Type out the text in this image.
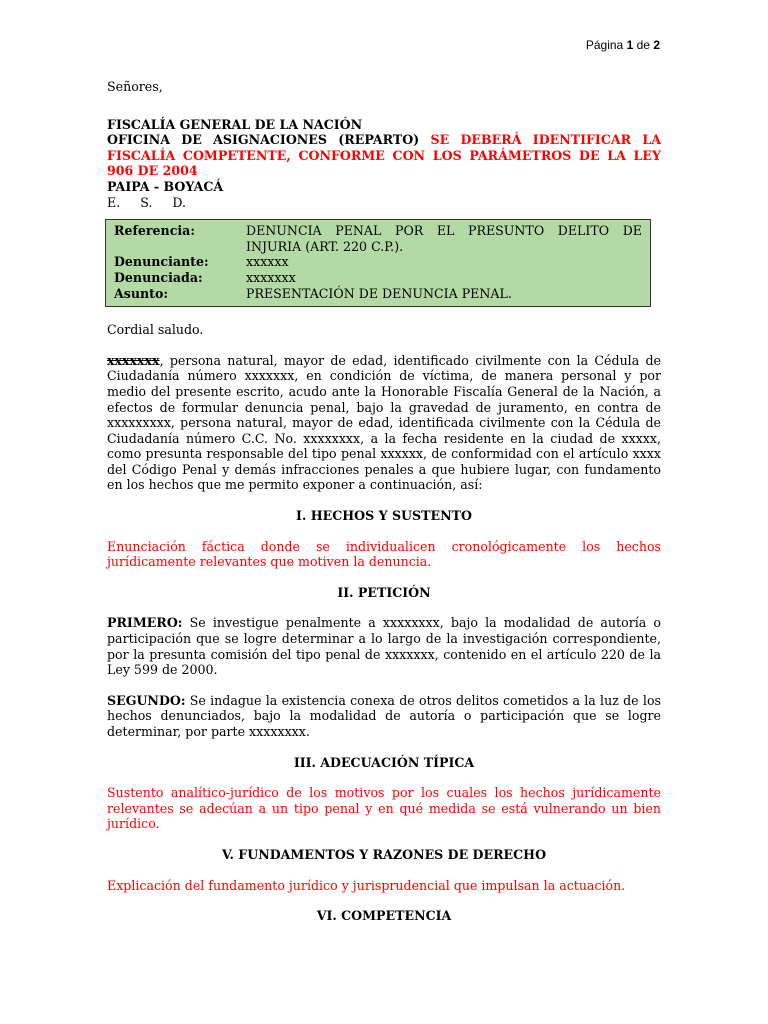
Página 1 de 2

Señores,

FISCALÍA GENERAL DE LA NACIÓN

OFICINA DE ASIGNACIONES (REPARTO) SE DEBERÁ IDENTIFICAR LA FISCALÍA COMPETENTE, CONFORME CON LOS PARÁMETROS DE LA LEY 906 DE 2004

PAIPA - BOYACÁ

E.     S.     D.

Referencia:	DENUNCIA PENAL POR EL PRESUNTO DELITO DE INJURIA (ART. 220 C.P.).
Denunciante:	xxxxxx
Denunciada:	xxxxxxx
Asunto:	PRESENTACIÓN DE DENUNCIA PENAL.

Cordial saludo.

xxxxxxx, persona natural, mayor de edad, identificado civilmente con la Cédula de Ciudadanía número xxxxxxx, en condición de víctima, de manera personal y por medio del presente escrito, acudo ante la Honorable Fiscalía General de la Nación, a efectos de formular denuncia penal, bajo la gravedad de juramento, en contra de xxxxxxxxx, persona natural, mayor de edad, identificada civilmente con la Cédula de Ciudadanía número C.C. No. xxxxxxxx, a la fecha residente en la ciudad de xxxxx, como presunta responsable del tipo penal xxxxxx, de conformidad con el artículo xxxx del Código Penal y demás infracciones penales a que hubiere lugar, con fundamento en los hechos que me permito exponer a continuación, así:

I. HECHOS Y SUSTENTO

Enunciación fáctica donde se individualicen cronológicamente los hechos jurídicamente relevantes que motiven la denuncia.

II. PETICIÓN

PRIMERO: Se investigue penalmente a xxxxxxxx, bajo la modalidad de autoría o participación que se logre determinar a lo largo de la investigación correspondiente, por la presunta comisión del tipo penal de xxxxxxx, contenido en el artículo 220 de la Ley 599 de 2000.

SEGUNDO: Se indague la existencia conexa de otros delitos cometidos a la luz de los hechos denunciados, bajo la modalidad de autoría o participación que se logre determinar, por parte xxxxxxxx.

III. ADECUACIÓN TÍPICA

Sustento analítico-jurídico de los motivos por los cuales los hechos jurídicamente relevantes se adecúan a un tipo penal y en qué medida se está vulnerando un bien jurídico.

V. FUNDAMENTOS Y RAZONES DE DERECHO

Explicación del fundamento jurídico y jurisprudencial que impulsan la actuación.

VI. COMPETENCIA
